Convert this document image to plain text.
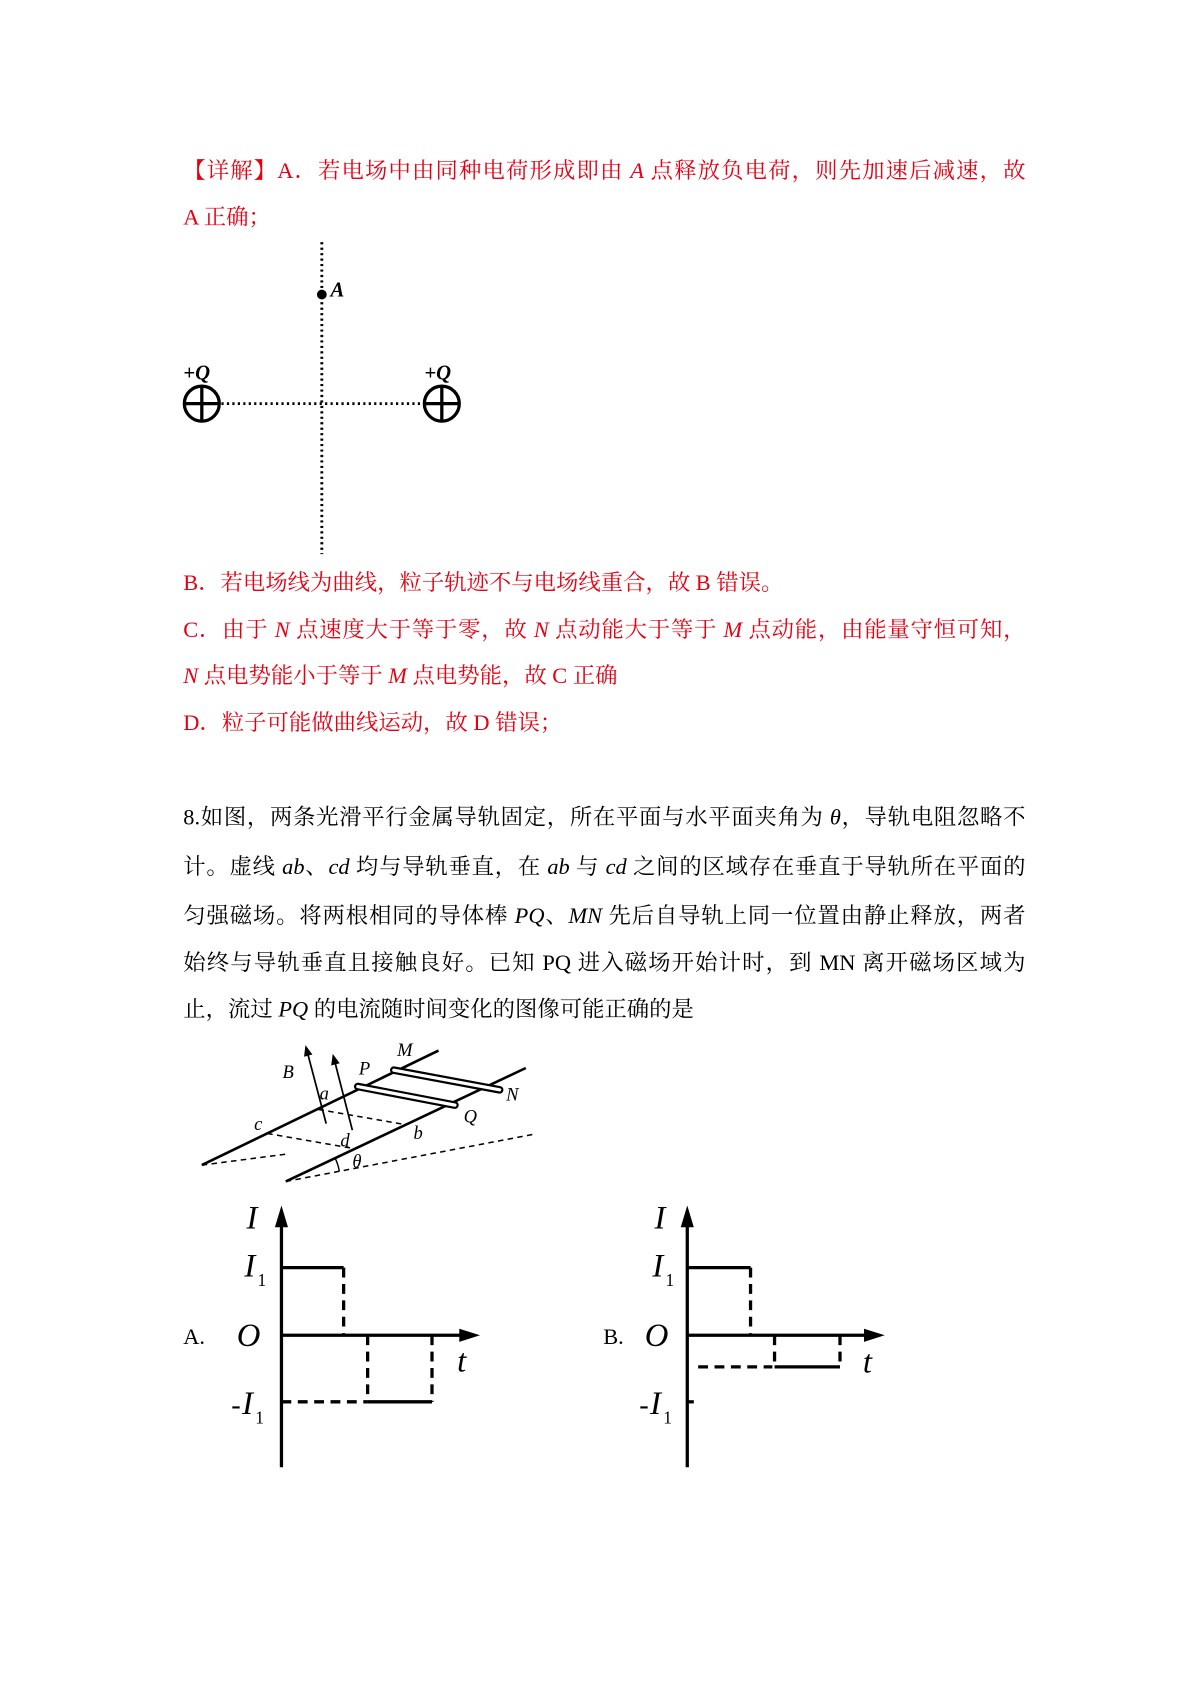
【详解】A．若电场中由同种电荷形成即由 A 点释放负电荷，则先加速后减速，故
A 正确；
A
+Q	+Q
B．若电场线为曲线，粒子轨迹不与电场线重合，故 B 错误。
C．由于 N 点速度大于等于零，故 N 点动能大于等于 M 点动能，由能量守恒可知，
N 点电势能小于等于 M 点电势能，故 C 正确
D．粒子可能做曲线运动，故 D 错误；
8.如图，两条光滑平行金属导轨固定，所在平面与水平面夹角为 θ，导轨电阻忽略不
计。虚线 ab、cd 均与导轨垂直，在 ab 与 cd 之间的区域存在垂直于导轨所在平面的
匀强磁场。将两根相同的导体棒 PQ、MN 先后自导轨上同一位置由静止释放，两者
始终与导轨垂直且接触良好。已知 PQ 进入磁场开始计时，到 MN 离开磁场区域为
止，流过 PQ 的电流随时间变化的图像可能正确的是
B
a
P
M
N
Q
c
d	b
θ
A.
I
I 1
O
-I 1
t
B.
I
I 1
O
-I 1
t
